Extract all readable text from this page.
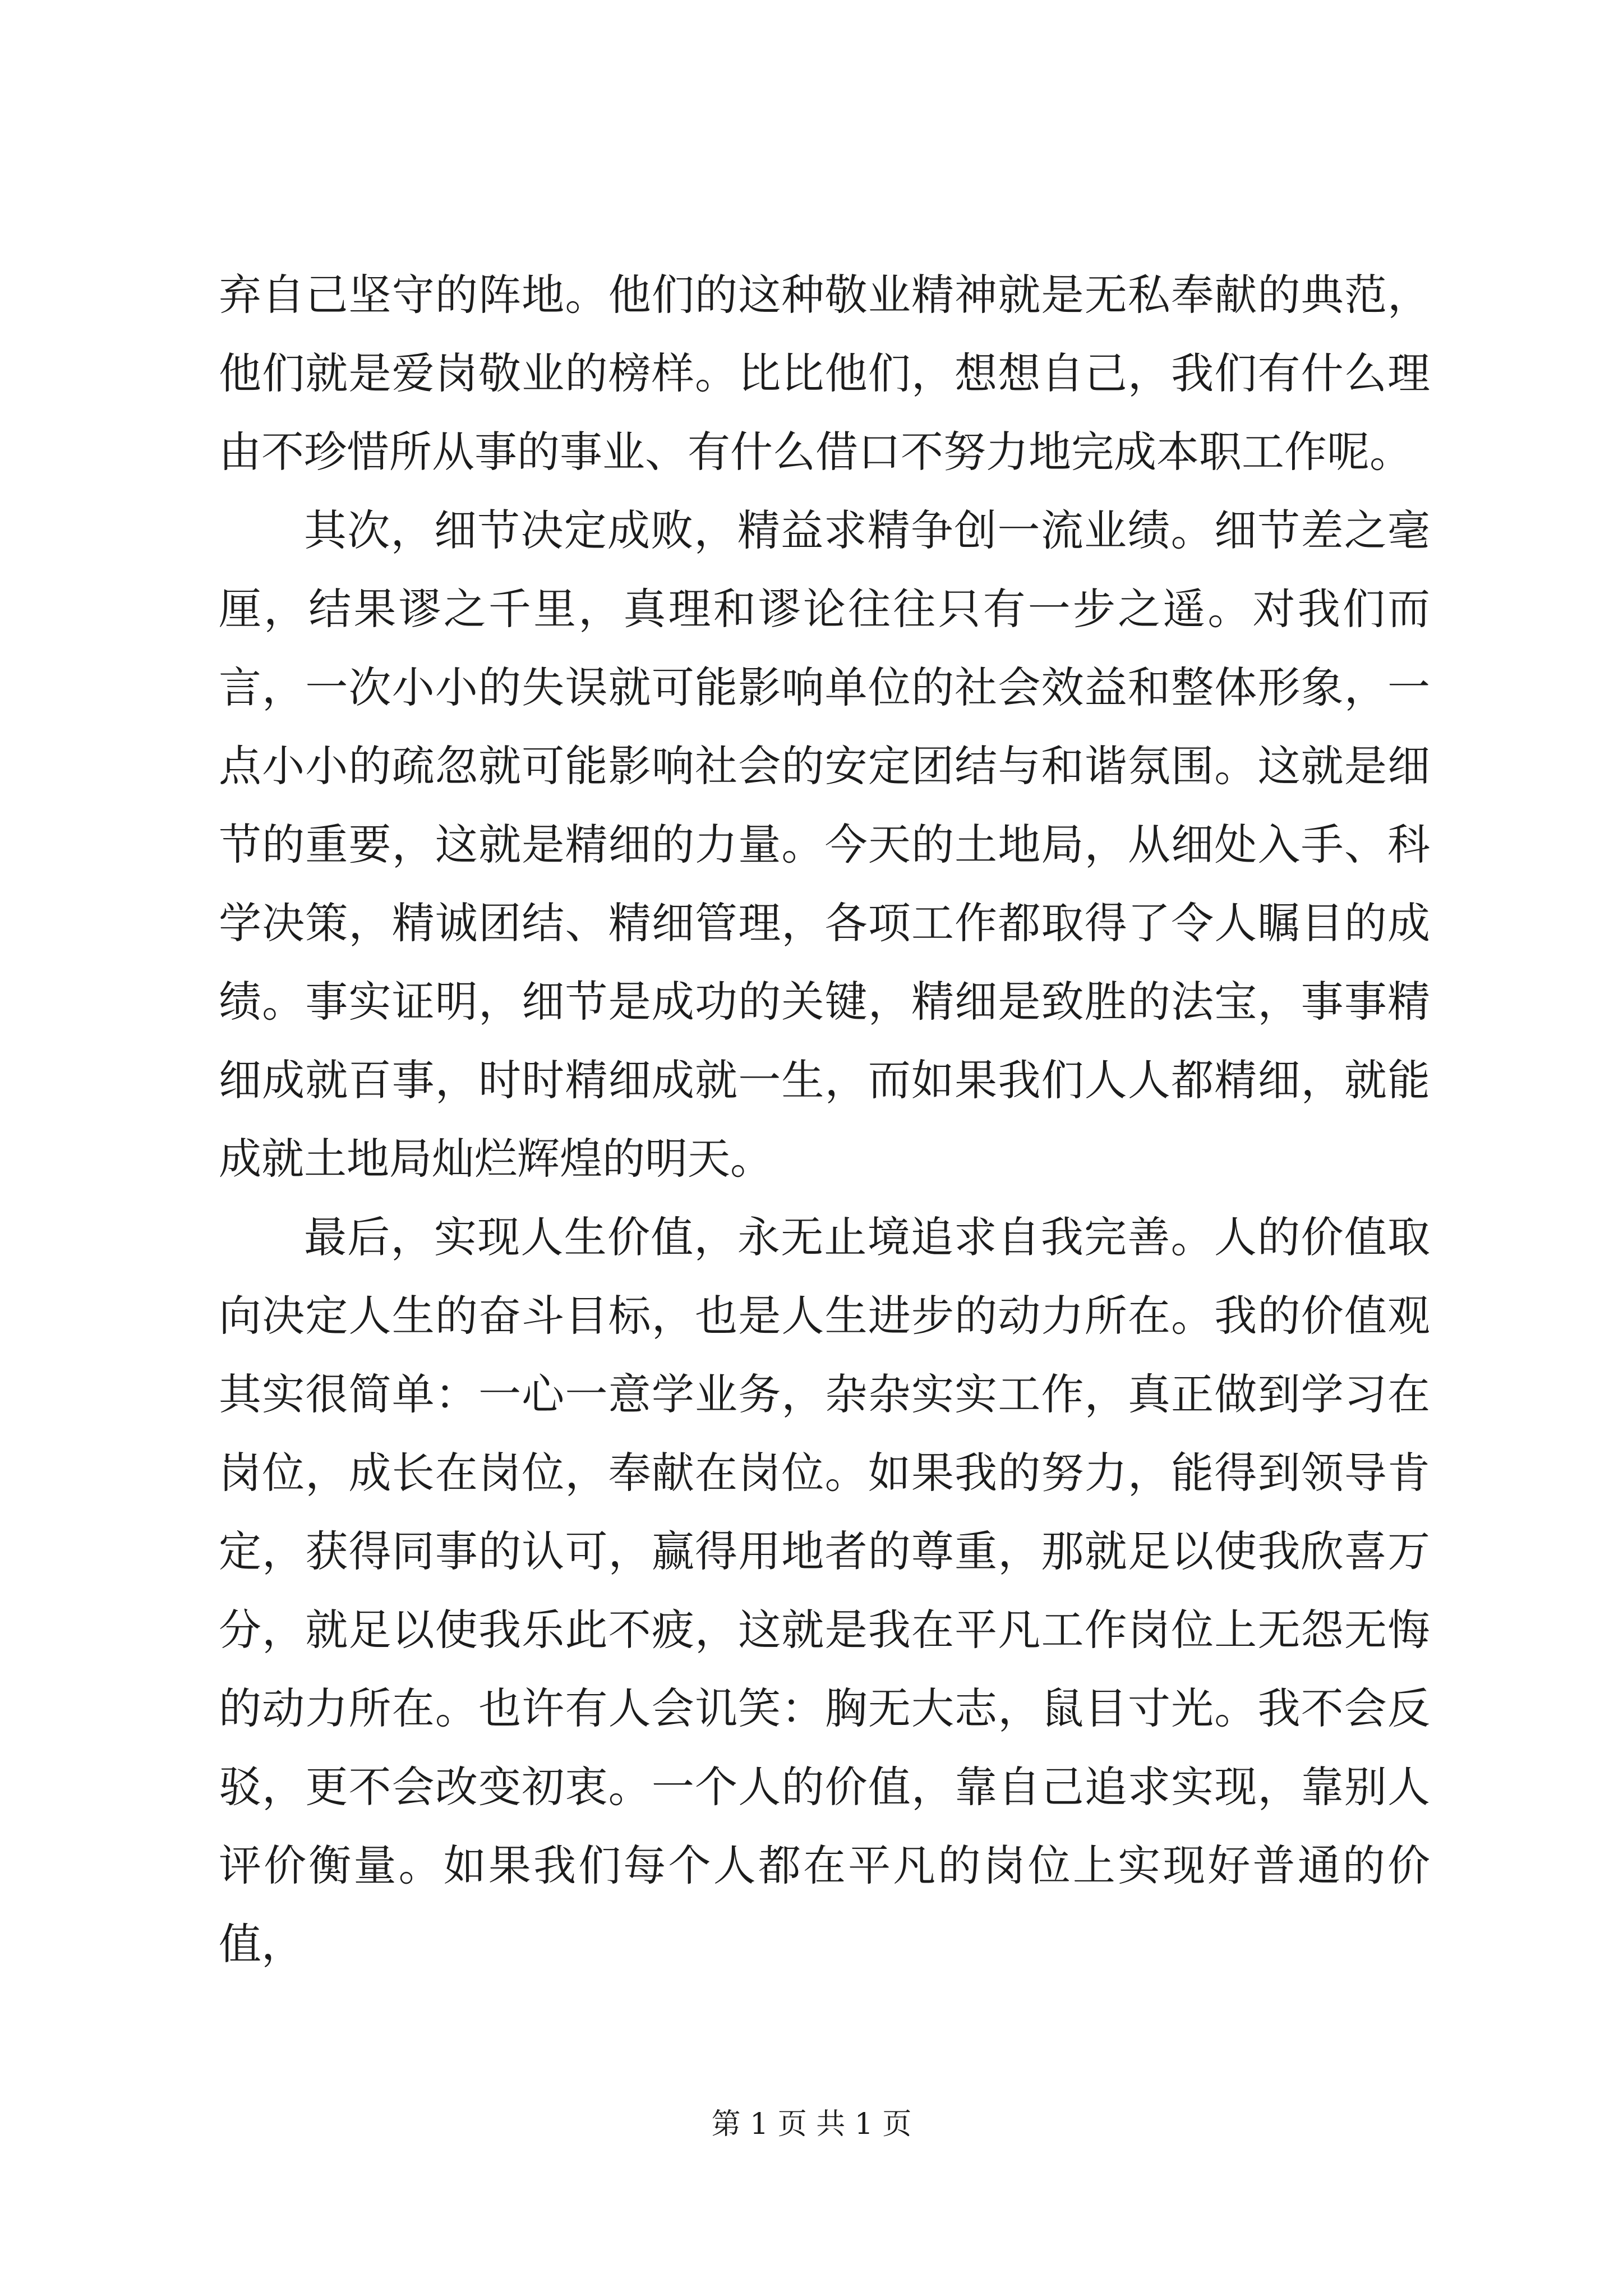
弃自己坚守的阵地。他们的这种敬业精神就是无私奉献的典范，他们就是爱岗敬业的榜样。比比他们，想想自己，我们有什么理由不珍惜所从事的事业、有什么借口不努力地完成本职工作呢。

其次，细节决定成败，精益求精争创一流业绩。细节差之毫厘，结果谬之千里，真理和谬论往往只有一步之遥。对我们而言，一次小小的失误就可能影响单位的社会效益和整体形象，一点小小的疏忽就可能影响社会的安定团结与和谐氛围。这就是细节的重要，这就是精细的力量。今天的土地局，从细处入手、科学决策，精诚团结、精细管理，各项工作都取得了令人瞩目的成绩。事实证明，细节是成功的关键，精细是致胜的法宝，事事精细成就百事，时时精细成就一生，而如果我们人人都精细，就能成就土地局灿烂辉煌的明天。

最后，实现人生价值，永无止境追求自我完善。人的价值取向决定人生的奋斗目标，也是人生进步的动力所在。我的价值观其实很简单：一心一意学业务，杂杂实实工作，真正做到学习在岗位，成长在岗位，奉献在岗位。如果我的努力，能得到领导肯定，获得同事的认可，赢得用地者的尊重，那就足以使我欣喜万分，就足以使我乐此不疲，这就是我在平凡工作岗位上无怨无悔的动力所在。也许有人会讥笑：胸无大志，鼠目寸光。我不会反驳，更不会改变初衷。一个人的价值，靠自己追求实现，靠别人评价衡量。如果我们每个人都在平凡的岗位上实现好普通的价值，

第 1 页 共 1 页
